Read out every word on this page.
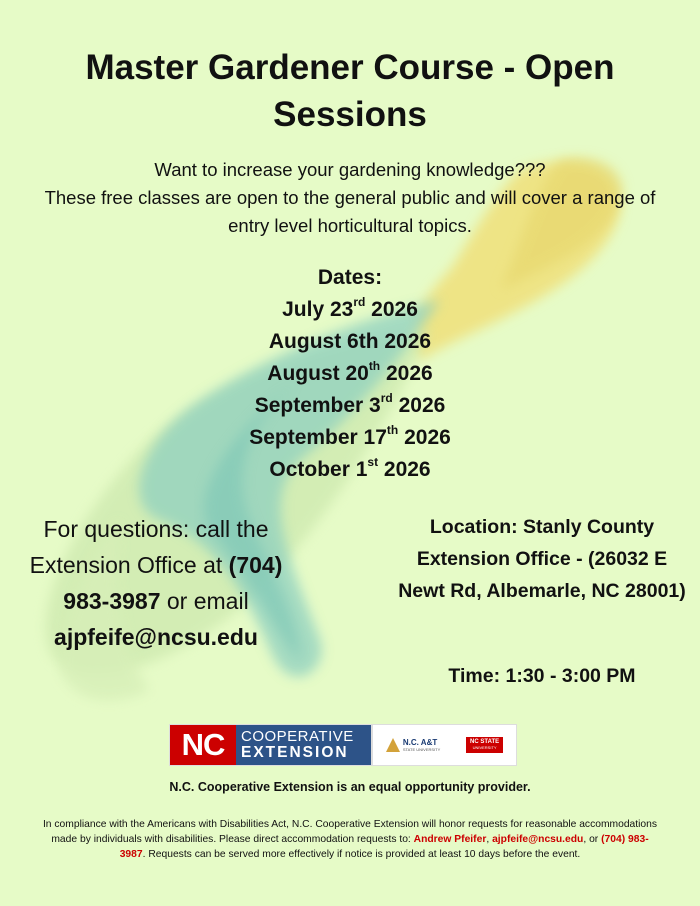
Master Gardener Course - Open Sessions
Want to increase your gardening knowledge???
These free classes are open to the general public and will cover a range of entry level horticultural topics.
Dates:
July 23rd 2026
August 6th 2026
August 20th 2026
September 3rd 2026
September 17th 2026
October 1st 2026
For questions: call the Extension Office at (704) 983-3987 or email ajpfeife@ncsu.edu
Location: Stanly County Extension Office - (26032 E Newt Rd, Albemarle, NC 28001)
Time: 1:30 - 3:00 PM
NC	COOPERATIVE
EXTENSION
N.C. A&T
STATE UNIVERSITY
NC STATE
UNIVERSITY
N.C. Cooperative Extension is an equal opportunity provider.
In compliance with the Americans with Disabilities Act, N.C. Cooperative Extension will honor requests for reasonable accommodations made by individuals with disabilities. Please direct accommodation requests to: Andrew Pfeifer, ajpfeife@ncsu.edu, or (704) 983-3987. Requests can be served more effectively if notice is provided at least 10 days before the event.
